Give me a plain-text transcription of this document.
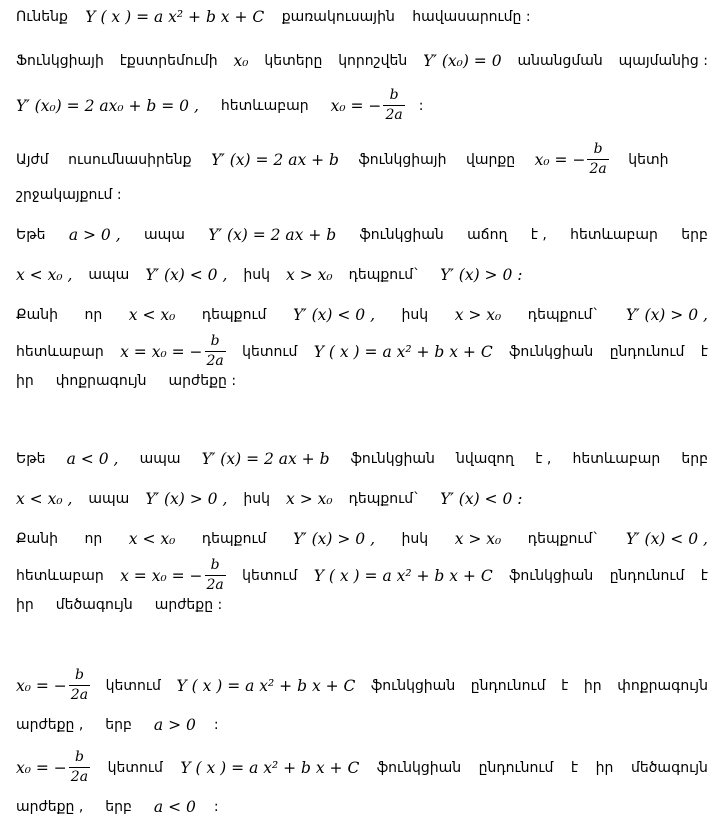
Ունենք Y ( x ) = a x² + b x + C քառակուսային հավասարումը :
Ֆունկցիայի էքստրեմումի x₀ կետերը կորոշվեն Y′ (x₀) = 0 անանցման պայմանից :
Y′ (x₀) = 2 ax₀ + b = 0 , հետևաբար x₀ = − $\frac{b}{2a}$ :
Այժմ ուսումնասիրենք Y′ (x) = 2 ax + b ֆունկցիայի վարքը x₀ = − $\frac{b}{2a}$ կետի
շրջակայքում :
Եթե a > 0 , ապա Y′ (x) = 2 ax + b ֆունկցիան աճող է , հետևաբար երբ
x < x₀ , ապա Y′ (x) < 0 , իսկ x > x₀ դեպքում` Y′ (x) > 0 :
Քանի որ x < x₀ դեպքում Y′ (x) < 0 , իսկ x > x₀ դեպքում` Y′ (x) > 0 ,
հետևաբար x = x₀ = − $\frac{b}{2a}$ կետում Y ( x ) = a x² + b x + C ֆունկցիան ընդունում է
իր փոքրագույն արժեքը :
Եթե a < 0 , ապա Y′ (x) = 2 ax + b ֆունկցիան նվազող է , հետևաբար երբ
x < x₀ , ապա Y′ (x) > 0 , իսկ x > x₀ դեպքում` Y′ (x) < 0 :
Քանի որ x < x₀ դեպքում Y′ (x) > 0 , իսկ x > x₀ դեպքում` Y′ (x) < 0 ,
հետևաբար x = x₀ = − $\frac{b}{2a}$ կետում Y ( x ) = a x² + b x + C ֆունկցիան ընդունում է
իր մեծագույն արժեքը :
x₀ = − $\frac{b}{2a}$ կետում Y ( x ) = a x² + b x + C ֆունկցիան ընդունում է իր փոքրագույն
արժեքը , երբ a > 0 :
x₀ = − $\frac{b}{2a}$ կետում Y ( x ) = a x² + b x + C ֆունկցիան ընդունում է իր մեծագույն
արժեքը , երբ a < 0 :
